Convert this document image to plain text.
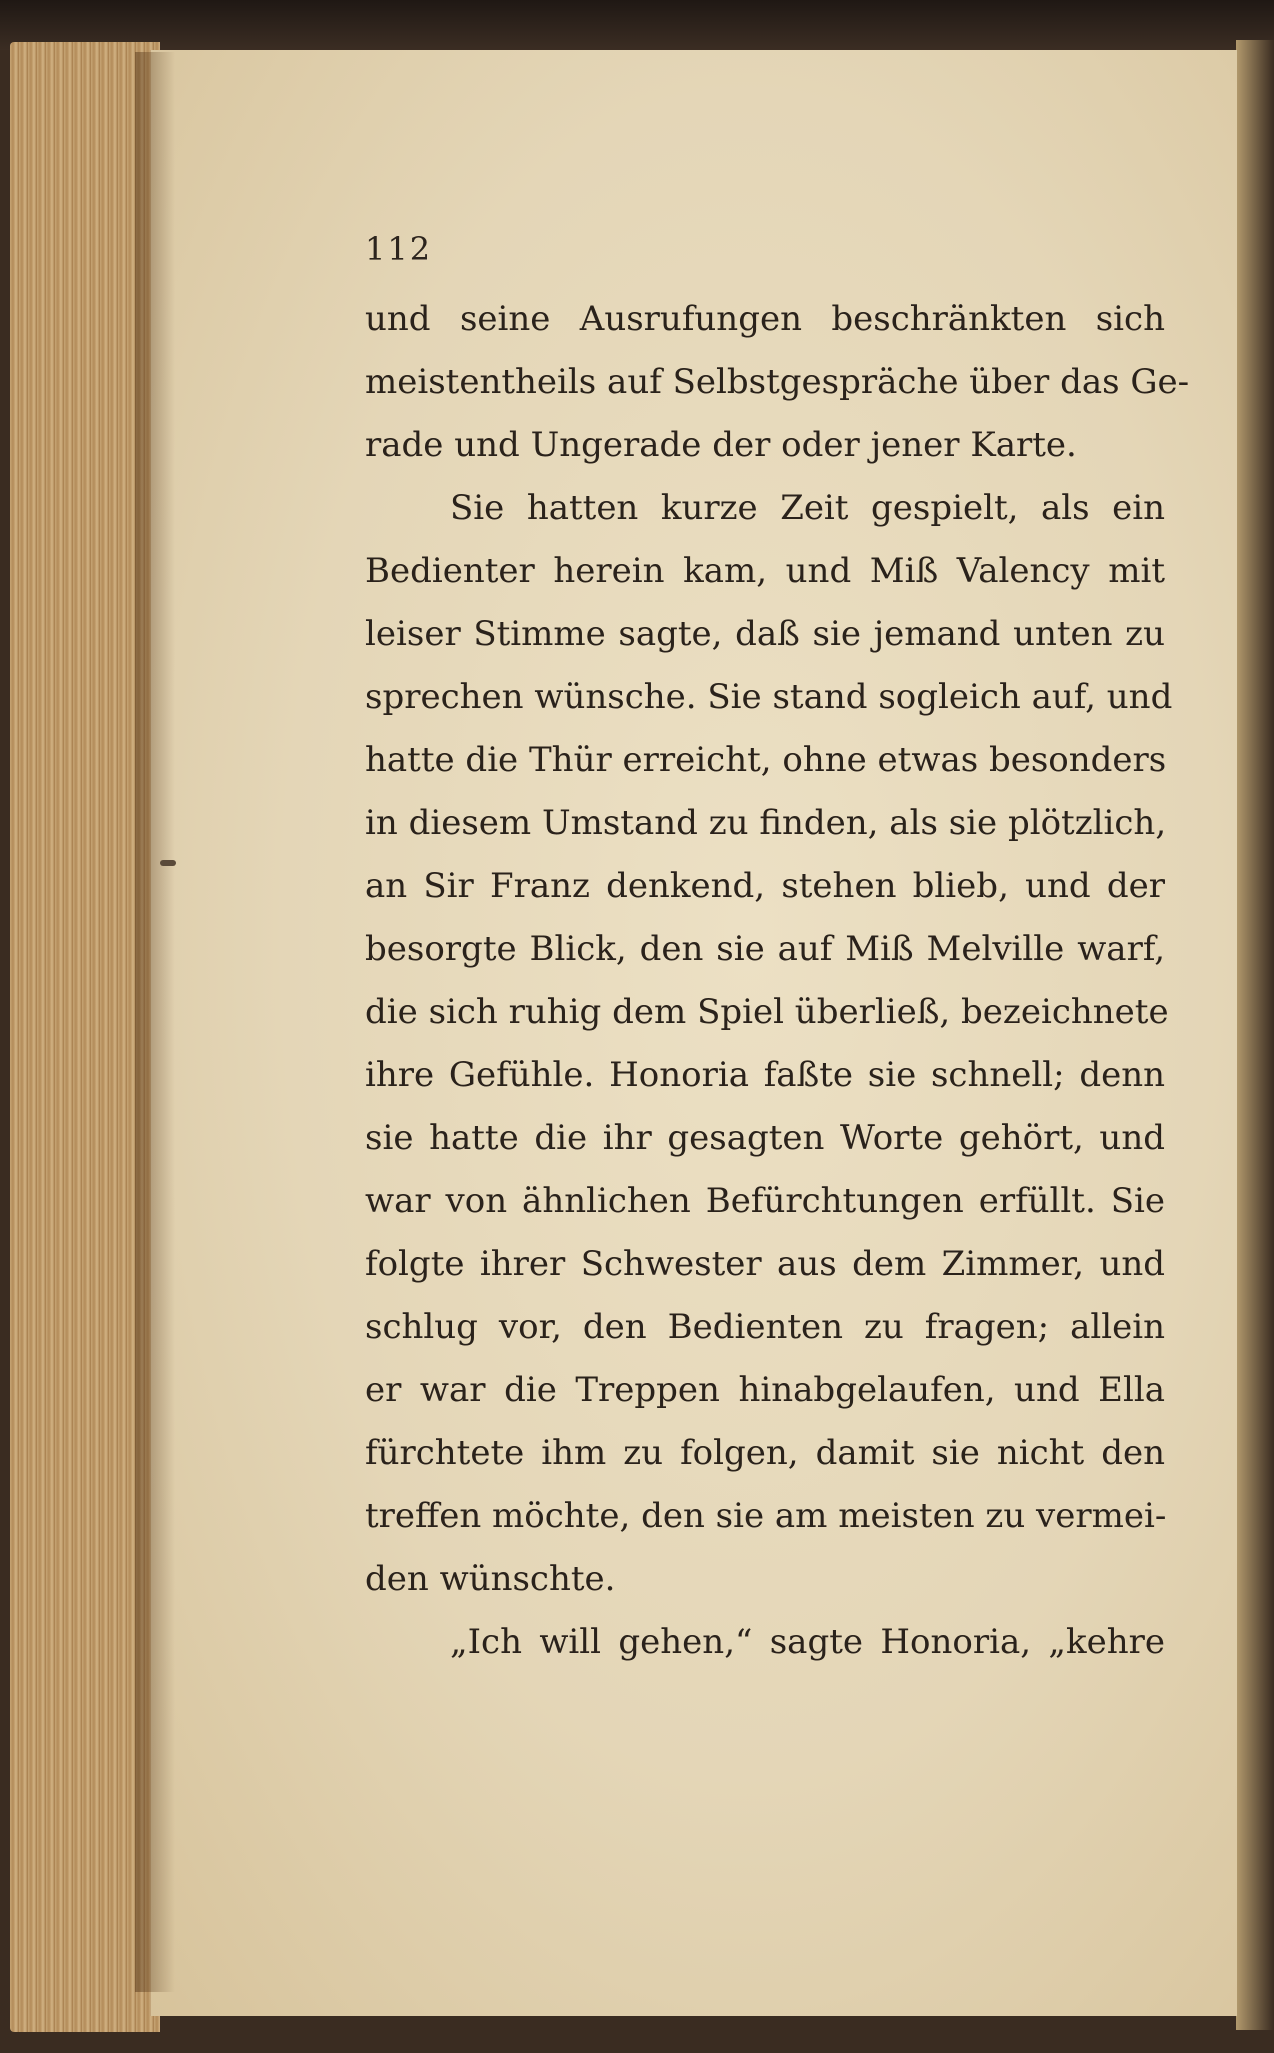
112
und seine Ausrufungen beschränkten sich
meistentheils auf Selbstgespräche über das Ge-
rade und Ungerade der oder jener Karte.
Sie hatten kurze Zeit gespielt, als ein
Bedienter herein kam, und Miß Valency mit
leiser Stimme sagte, daß sie jemand unten zu
sprechen wünsche. Sie stand sogleich auf, und
hatte die Thür erreicht, ohne etwas besonders
in diesem Umstand zu finden, als sie plötzlich,
an Sir Franz denkend, stehen blieb, und der
besorgte Blick, den sie auf Miß Melville warf,
die sich ruhig dem Spiel überließ, bezeichnete
ihre Gefühle. Honoria faßte sie schnell; denn
sie hatte die ihr gesagten Worte gehört, und
war von ähnlichen Befürchtungen erfüllt. Sie
folgte ihrer Schwester aus dem Zimmer, und
schlug vor, den Bedienten zu fragen; allein
er war die Treppen hinabgelaufen, und Ella
fürchtete ihm zu folgen, damit sie nicht den
treffen möchte, den sie am meisten zu vermei-
den wünschte.
„Ich will gehen,“ sagte Honoria, „kehre
